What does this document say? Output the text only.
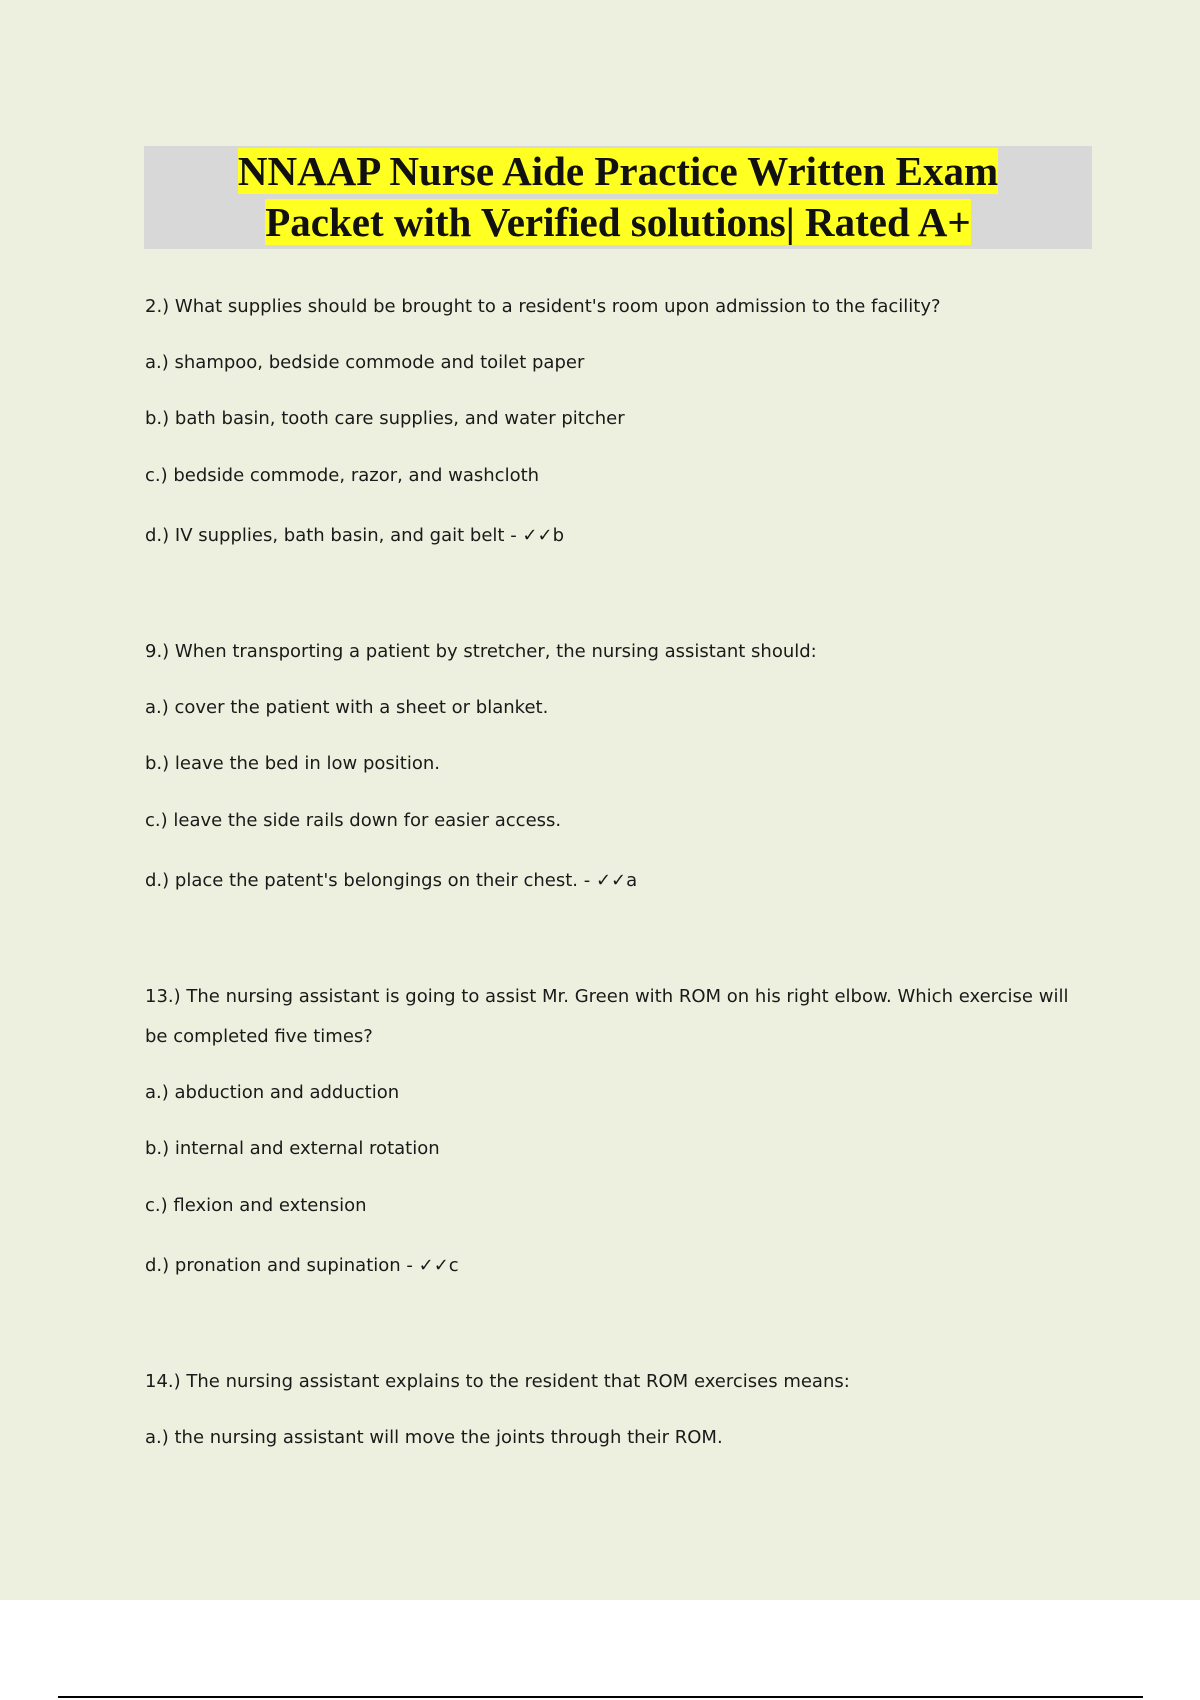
NNAAP Nurse Aide Practice Written Exam
Packet with Verified solutions| Rated A+
2.) What supplies should be brought to a resident's room upon admission to the facility?
a.) shampoo, bedside commode and toilet paper
b.) bath basin, tooth care supplies, and water pitcher
c.) bedside commode, razor, and washcloth
d.) IV supplies, bath basin, and gait belt - ✓✓b
9.) When transporting a patient by stretcher, the nursing assistant should:
a.) cover the patient with a sheet or blanket.
b.) leave the bed in low position.
c.) leave the side rails down for easier access.
d.) place the patent's belongings on their chest. - ✓✓a
13.) The nursing assistant is going to assist Mr. Green with ROM on his right elbow. Which exercise will be completed five times?
a.) abduction and adduction
b.) internal and external rotation
c.) flexion and extension
d.) pronation and supination - ✓✓c
14.) The nursing assistant explains to the resident that ROM exercises means:
a.) the nursing assistant will move the joints through their ROM.
